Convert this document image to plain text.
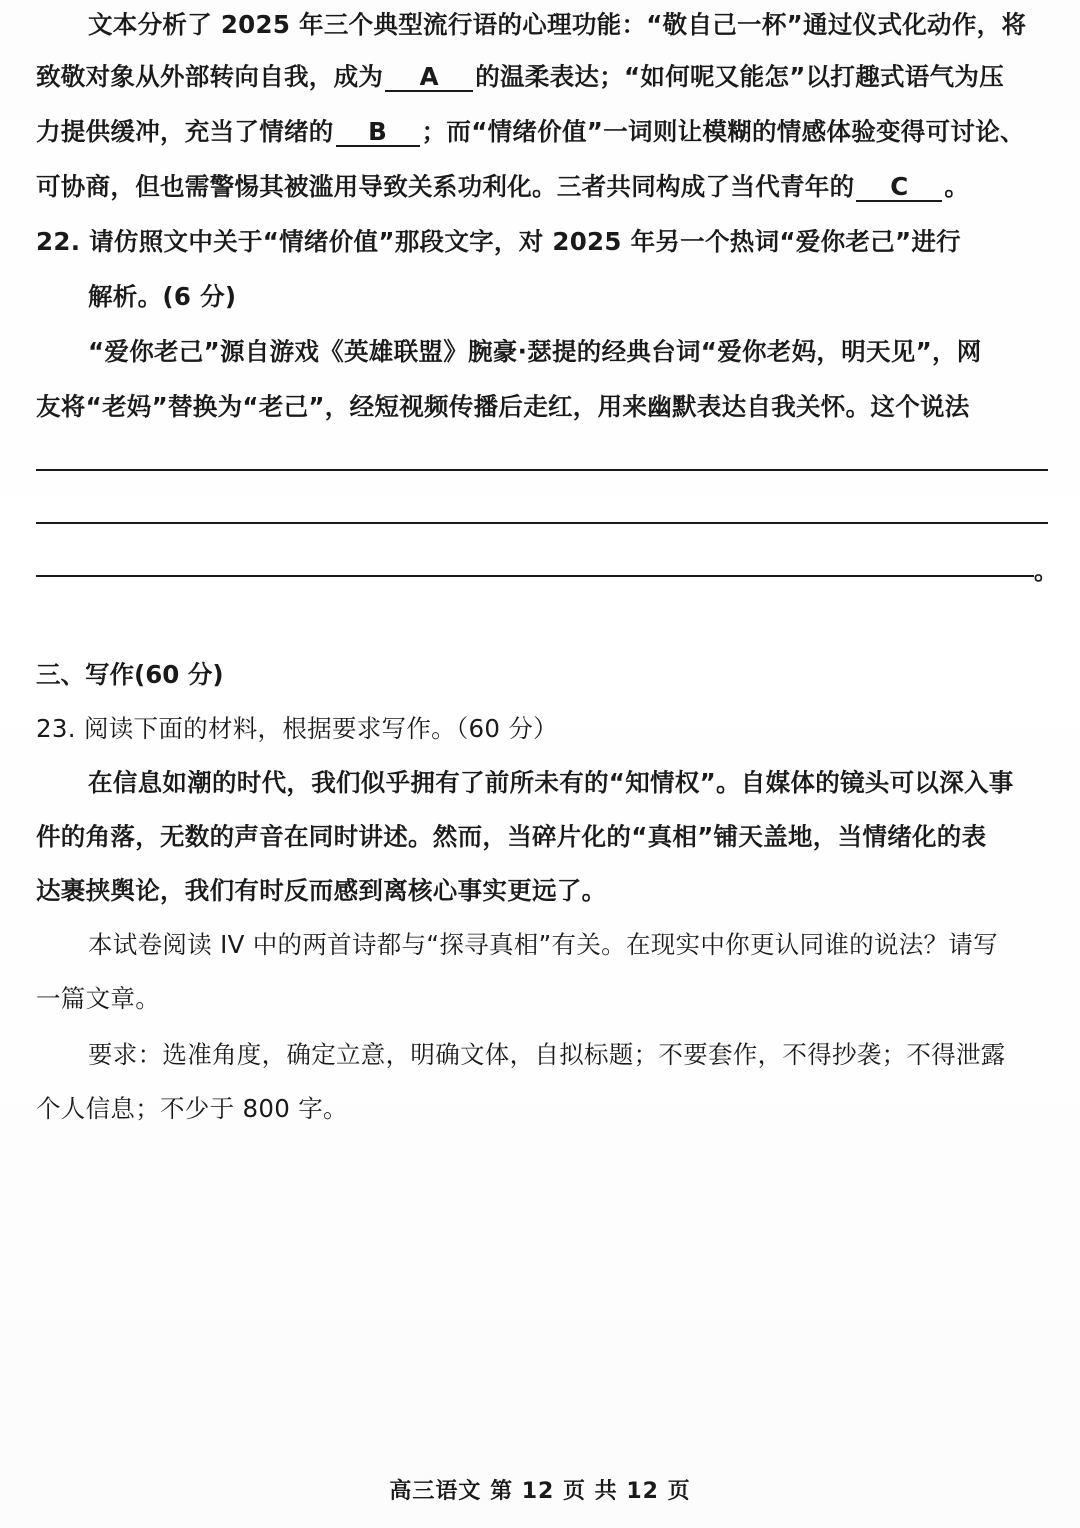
文本分析了 2025 年三个典型流行语的心理功能：“敬自己一杯”通过仪式化动作，将
致敬对象从外部转向自我，成为 A 的温柔表达；“如何呢又能怎”以打趣式语气为压
力提供缓冲，充当了情绪的 B ；而“情绪价值”一词则让模糊的情感体验变得可讨论、
可协商，但也需警惕其被滥用导致关系功利化。三者共同构成了当代青年的 C 。
22. 请仿照文中关于“情绪价值”那段文字，对 2025 年另一个热词“爱你老己”进行
解析。(6 分)
“爱你老己”源自游戏《英雄联盟》腕豪·瑟提的经典台词“爱你老妈，明天见”，网
友将“老妈”替换为“老己”，经短视频传播后走红，用来幽默表达自我关怀。这个说法
。
三、写作(60 分)
23. 阅读下面的材料，根据要求写作。（60 分）
在信息如潮的时代，我们似乎拥有了前所未有的“知情权”。自媒体的镜头可以深入事
件的角落，无数的声音在同时讲述。然而，当碎片化的“真相”铺天盖地，当情绪化的表
达裹挟舆论，我们有时反而感到离核心事实更远了。
本试卷阅读 IV 中的两首诗都与“探寻真相”有关。在现实中你更认同谁的说法？请写
一篇文章。
要求：选准角度，确定立意，明确文体，自拟标题；不要套作，不得抄袭；不得泄露
个人信息；不少于 800 字。
高三语文 第 12 页 共 12 页
